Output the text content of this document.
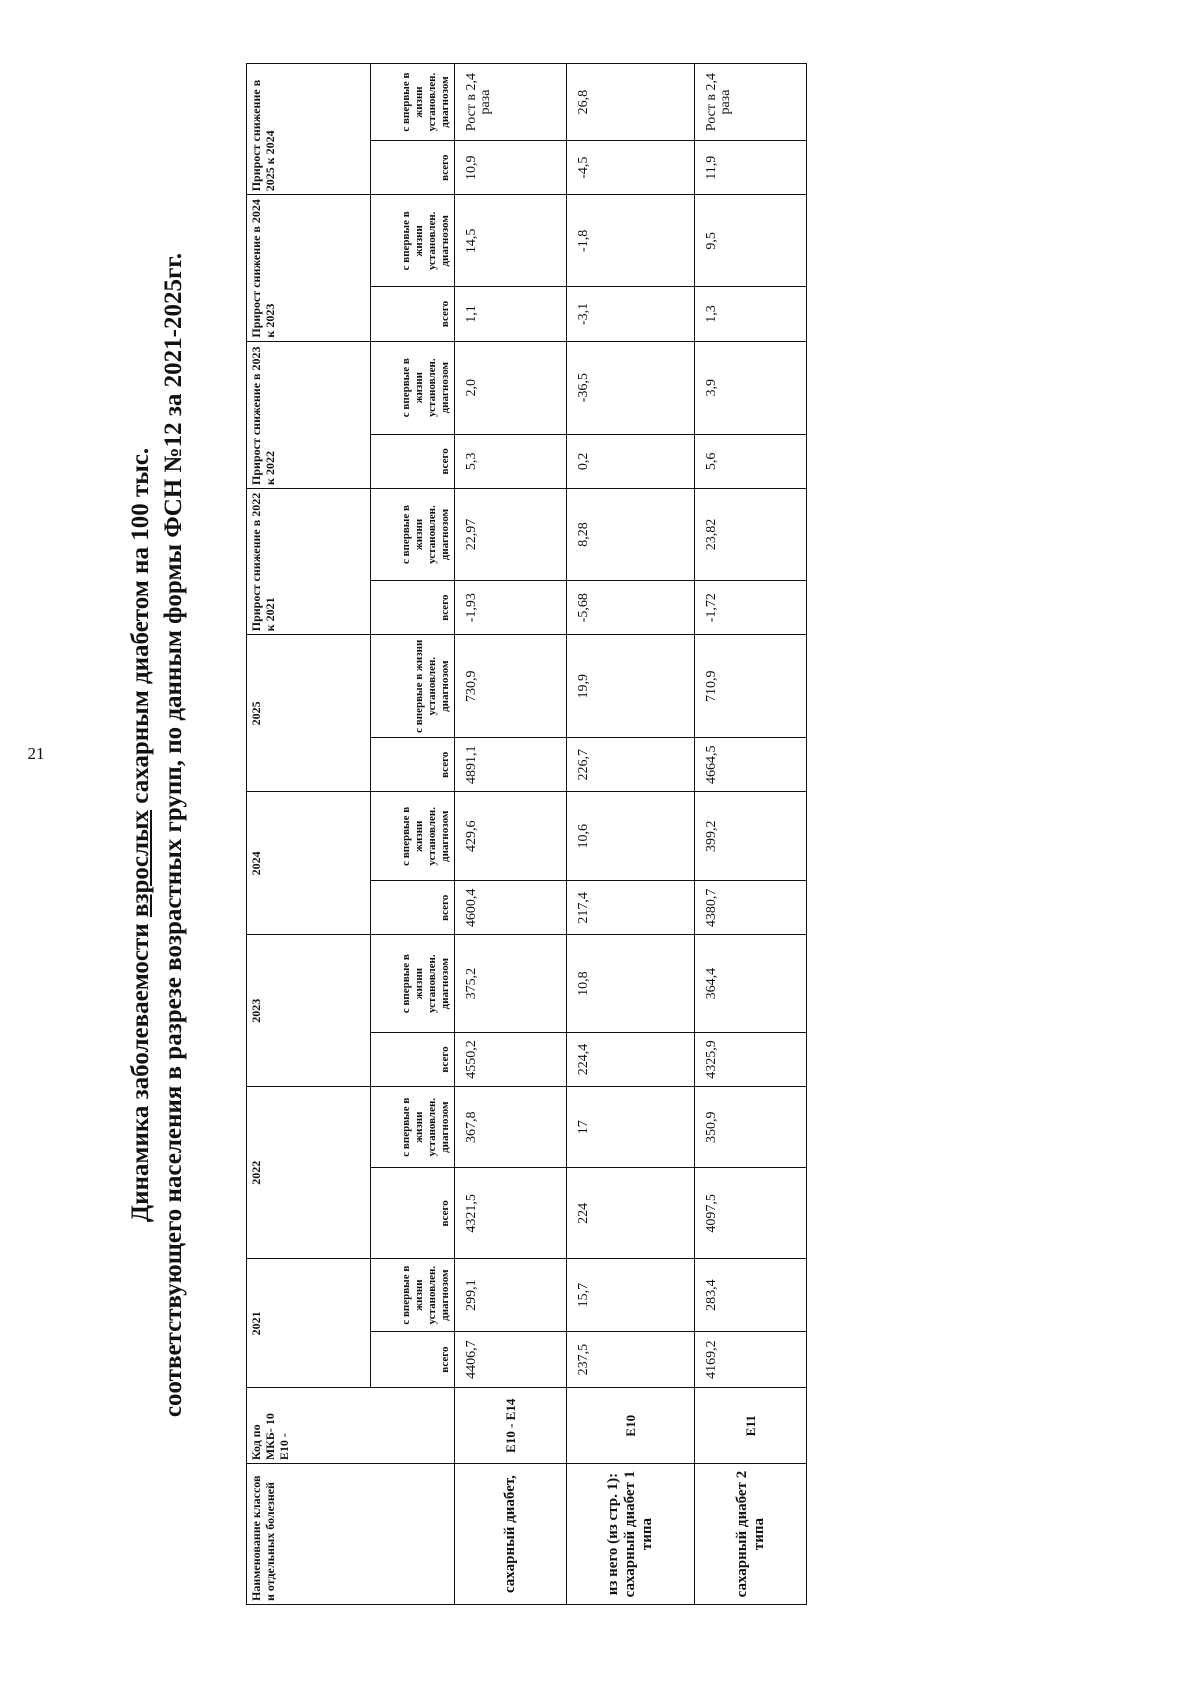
21
Динамика заболеваемости взрослых сахарным диабетом на 100 тыс. соответствующего населения в разрезе возрастных групп, по данным формы ФСН №12 за 2021-2025гг.
Наименование классов и отдельных болезней	Код по МКБ- 10 Е10 -	2021		2022		2023		2024		2025		Прирост снижение в 2022 к 2021		Прирост снижение в 2023 к 2022		Прирост снижение в 2024 к 2023		Прирост снижение в 2025 к 2024	
		всего	с впервые в жизни установлен. диагнозом	всего	с впервые в жизни установлен. диагнозом	всего	с впервые в жизни установлен. диагнозом	всего	с впервые в жизни установлен. диагнозом	всего	с впервые в жизни установлен. диагнозом	всего	с впервые в жизни установлен. диагнозом	всего	с впервые в жизни установлен. диагнозом	всего	с впервые в жизни установлен. диагнозом	всего	с впервые в жизни установлен. диагнозом
сахарный диабет,	Е10 - Е14	4406,7	299,1	4321,5	367,8	4550,2	375,2	4600,4	429,6	4891,1	730,9	-1,93	22,97	5,3	2,0	1,1	14,5	10,9	Рост в 2,4 раза
из него (из стр. 1): сахарный диабет 1 типа	Е10	237,5	15,7	224	17	224,4	10,8	217,4	10,6	226,7	19,9	-5,68	8,28	0,2	-36,5	-3,1	-1,8	-4,5	26,8
сахарный диабет 2 типа	Е11	4169,2	283,4	4097,5	350,9	4325,9	364,4	4380,7	399,2	4664,5	710,9	-1,72	23,82	5,6	3,9	1,3	9,5	11,9	Рост в 2,4 раза
